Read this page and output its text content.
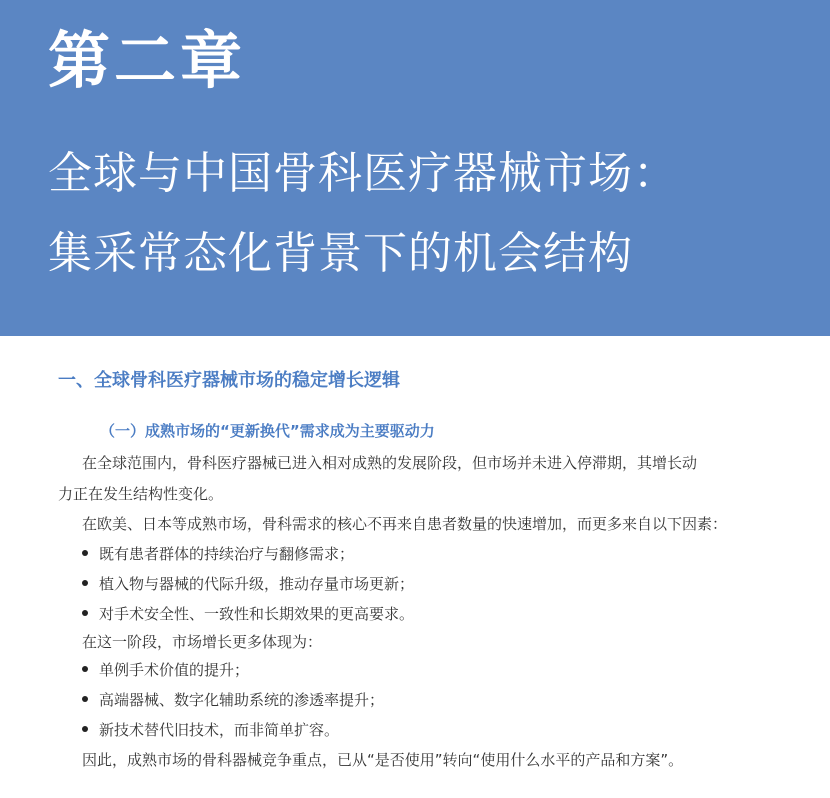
第二章
全球与中国骨科医疗器械市场：
集采常态化背景下的机会结构
一、全球骨科医疗器械市场的稳定增长逻辑
（一）成熟市场的“更新换代”需求成为主要驱动力
在全球范围内，骨科医疗器械已进入相对成熟的发展阶段，但市场并未进入停滞期，其增长动
力正在发生结构性变化。
在欧美、日本等成熟市场，骨科需求的核心不再来自患者数量的快速增加，而更多来自以下因素：
既有患者群体的持续治疗与翻修需求；
植入物与器械的代际升级，推动存量市场更新；
对手术安全性、一致性和长期效果的更高要求。
在这一阶段，市场增长更多体现为：
单例手术价值的提升；
高端器械、数字化辅助系统的渗透率提升；
新技术替代旧技术，而非简单扩容。
因此，成熟市场的骨科器械竞争重点，已从“是否使用”转向“使用什么水平的产品和方案”。
